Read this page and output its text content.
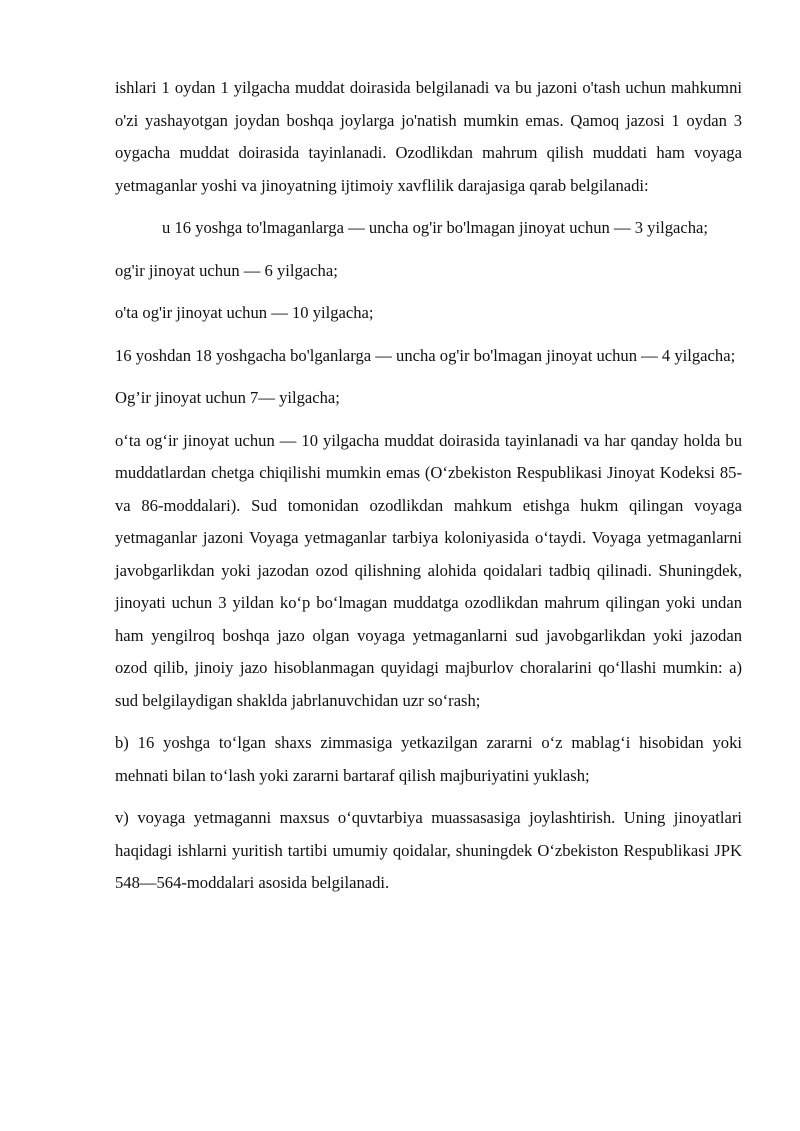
ishlari 1 oydan 1 yilgacha muddat doirasida belgilanadi va bu jazoni o'tash uchun mahkumni o'zi yashayotgan joydan boshqa joylarga jo'natish mumkin emas. Qamoq jazosi 1 oydan 3 oygacha muddat doirasida tayinlanadi. Ozodlikdan mahrum qilish muddati ham voyaga yetmaganlar yoshi va jinoyatning ijtimoiy xavflilik darajasiga qarab belgilanadi:

u 16 yoshga to'lmaganlarga — uncha og'ir bo'lmagan jinoyat uchun — 3 yilgacha;

og'ir jinoyat uchun — 6 yilgacha;

o'ta og'ir jinoyat uchun — 10 yilgacha;

16 yoshdan 18 yoshgacha bo'lganlarga — uncha og'ir bo'lmagan jinoyat uchun — 4 yilgacha;

Og’ir jinoyat uchun 7— yilgacha;

o‘ta og‘ir jinoyat uchun — 10 yilgacha muddat doirasida tayinlanadi va har qanday holda bu muddatlardan chetga chiqilishi mumkin emas (O‘zbekiston Respublikasi Jinoyat Kodeksi 85- va 86-moddalari). Sud tomonidan ozodlikdan mahkum etishga hukm qilingan voyaga yetmaganlar jazoni Voyaga yetmaganlar tarbiya koloniyasida o‘taydi. Voyaga yetmaganlarni javobgarlikdan yoki jazodan ozod qilishning alohida qoidalari tadbiq qilinadi. Shuningdek, jinoyati uchun 3 yildan ko‘p bo‘lmagan muddatga ozodlikdan mahrum qilingan yoki undan ham yengilroq boshqa jazo olgan voyaga yetmaganlarni sud javobgarlikdan yoki jazodan ozod qilib, jinoiy jazo hisoblanmagan quyidagi majburlov choralarini qo‘llashi mumkin: a) sud belgilaydigan shaklda jabrlanuvchidan uzr so‘rash;

b) 16 yoshga to‘lgan shaxs zimmasiga yetkazilgan zararni o‘z mablag‘i hisobidan yoki mehnati bilan to‘lash yoki zararni bartaraf qilish majburiyatini yuklash;

v) voyaga yetmaganni maxsus o‘quvtarbiya muassasasiga joylashtirish. Uning jinoyatlari haqidagi ishlarni yuritish tartibi umumiy qoidalar, shuningdek O‘zbekiston Respublikasi JPK 548—564-moddalari asosida belgilanadi.
